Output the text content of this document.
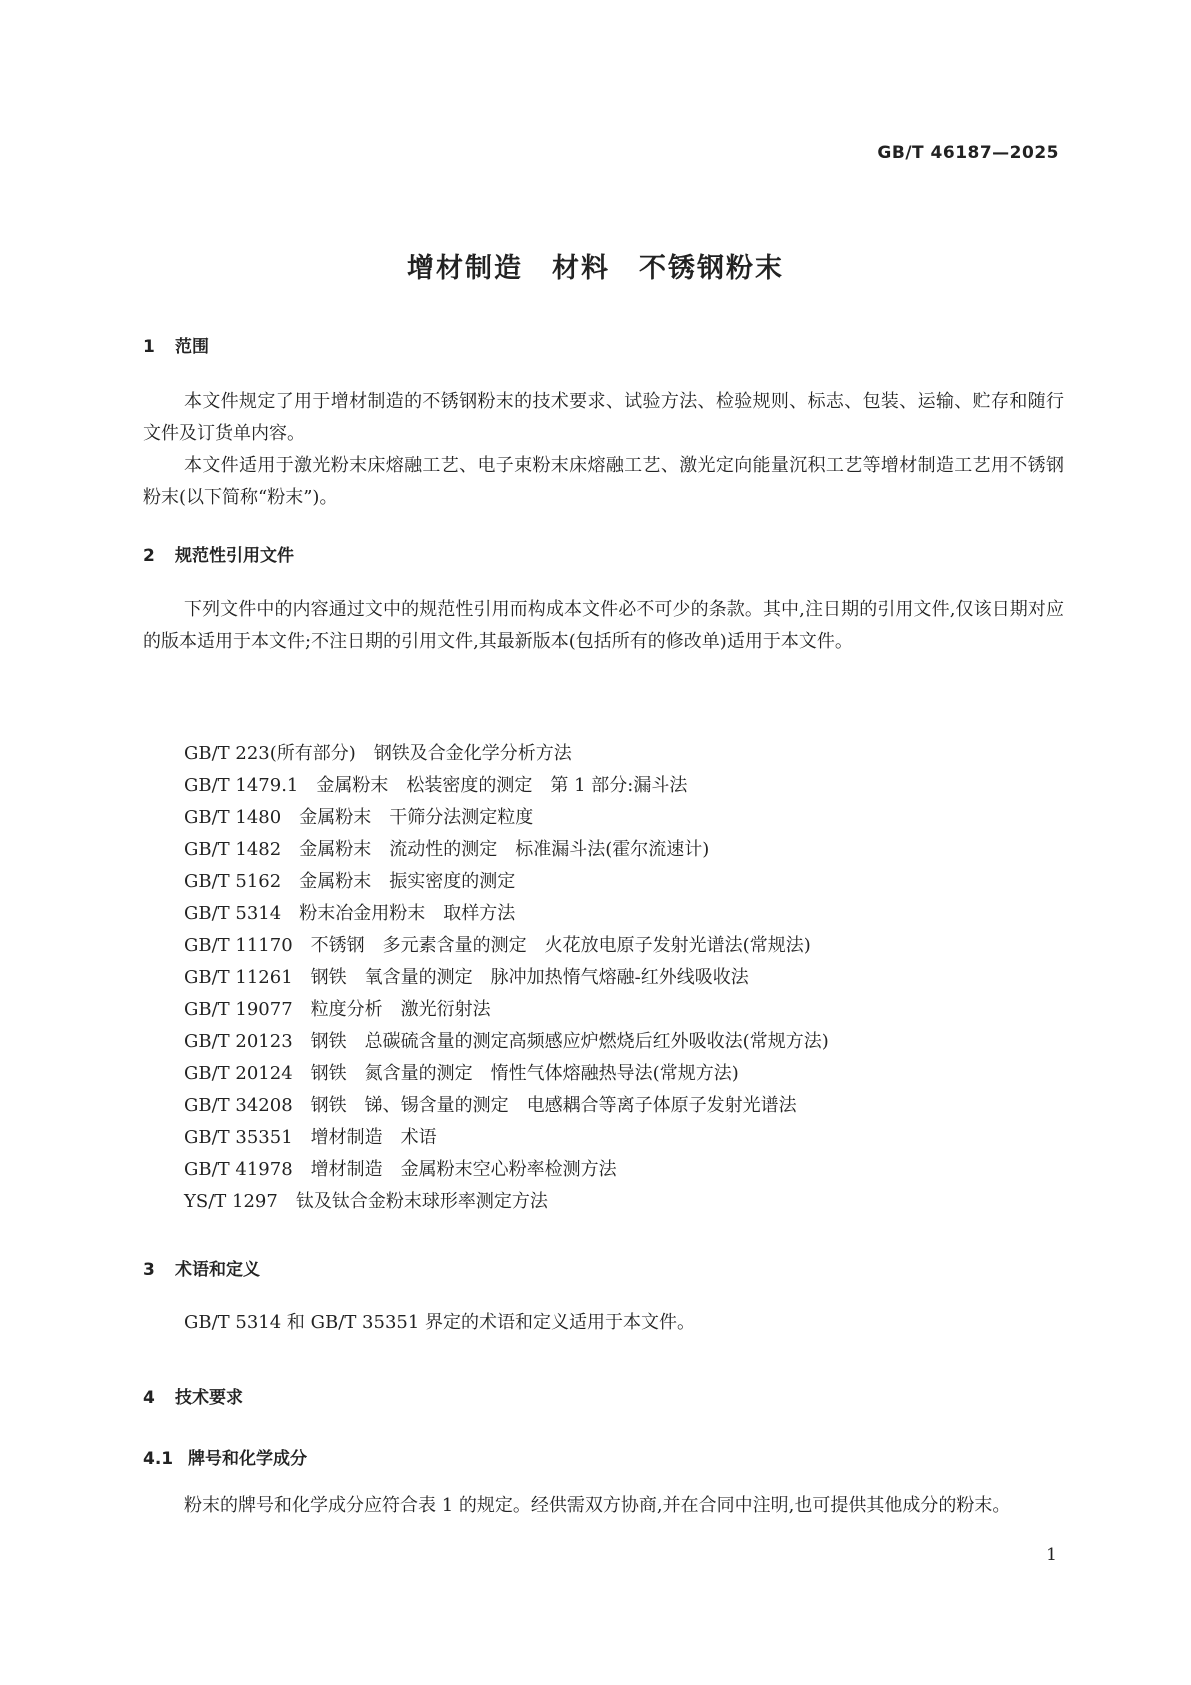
GB/T 46187—2025
增材制造　材料　不锈钢粉末
1 范围
本文件规定了用于增材制造的不锈钢粉末的技术要求、试验方法、检验规则、标志、包装、运输、贮存和随行文件及订货单内容。
本文件适用于激光粉末床熔融工艺、电子束粉末床熔融工艺、激光定向能量沉积工艺等增材制造工艺用不锈钢粉末(以下简称“粉末”)。
2 规范性引用文件
下列文件中的内容通过文中的规范性引用而构成本文件必不可少的条款。其中,注日期的引用文件,仅该日期对应的版本适用于本文件;不注日期的引用文件,其最新版本(包括所有的修改单)适用于本文件。
GB/T 223(所有部分) 钢铁及合金化学分析方法
GB/T 1479.1 金属粉末　松装密度的测定　第 1 部分:漏斗法
GB/T 1480 金属粉末　干筛分法测定粒度
GB/T 1482 金属粉末　流动性的测定　标准漏斗法(霍尔流速计)
GB/T 5162 金属粉末　振实密度的测定
GB/T 5314 粉末冶金用粉末　取样方法
GB/T 11170 不锈钢　多元素含量的测定　火花放电原子发射光谱法(常规法)
GB/T 11261 钢铁　氧含量的测定　脉冲加热惰气熔融-红外线吸收法
GB/T 19077 粒度分析　激光衍射法
GB/T 20123 钢铁　总碳硫含量的测定高频感应炉燃烧后红外吸收法(常规方法)
GB/T 20124 钢铁　氮含量的测定　惰性气体熔融热导法(常规方法)
GB/T 34208 钢铁　锑、锡含量的测定　电感耦合等离子体原子发射光谱法
GB/T 35351 增材制造　术语
GB/T 41978 增材制造　金属粉末空心粉率检测方法
YS/T 1297 钛及钛合金粉末球形率测定方法
3 术语和定义
GB/T 5314 和 GB/T 35351 界定的术语和定义适用于本文件。
4 技术要求
4.1 牌号和化学成分
粉末的牌号和化学成分应符合表 1 的规定。经供需双方协商,并在合同中注明,也可提供其他成分的粉末。
1
